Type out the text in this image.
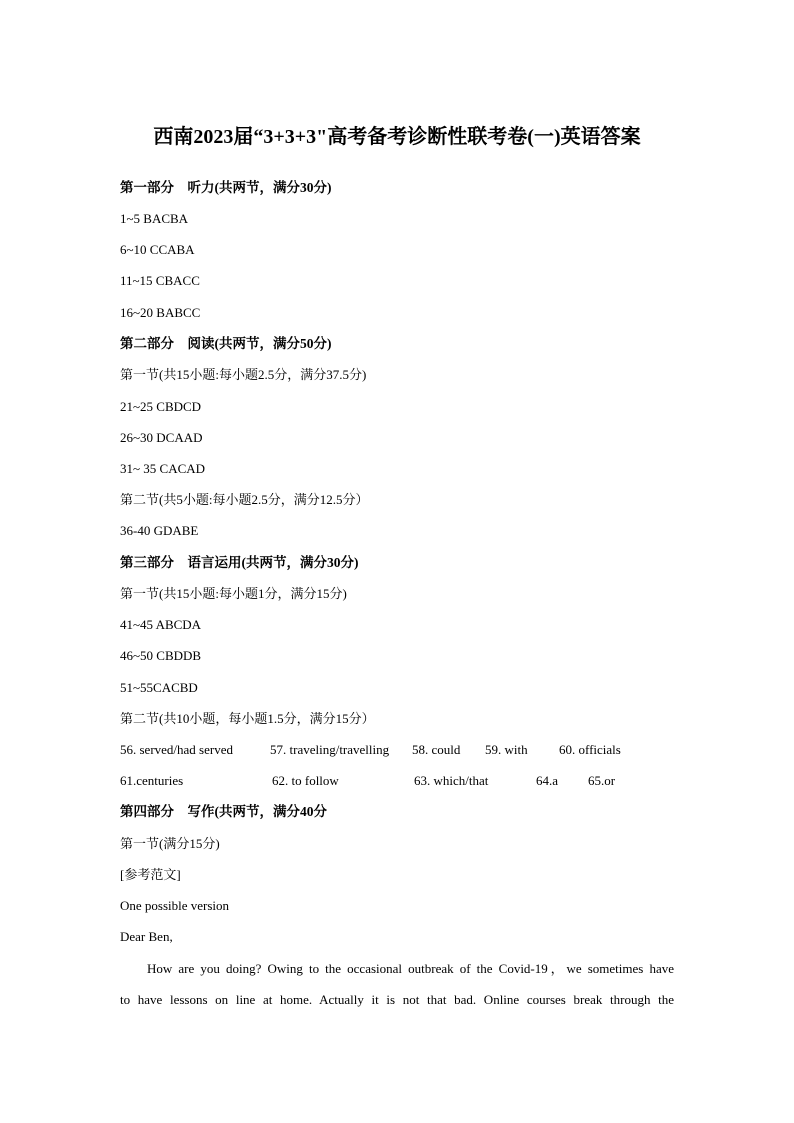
西南2023届“3+3+3"高考备考诊断性联考卷(一)英语答案
第一部分　听力(共两节，满分30分)
1~5 BACBA
6~10 CCABA
11~15 CBACC
16~20 BABCC
第二部分　阅读(共两节，满分50分)
第一节(共15小题:每小题2.5分，满分37.5分)
21~25 CBDCD
26~30 DCAAD
31~ 35 CACAD
第二节(共5小题:每小题2.5分，满分12.5分）
36-40 GDABE
第三部分　语言运用(共两节，满分30分)
第一节(共15小题:每小题1分，满分15分)
41~45 ABCDA
46~50 CBDDB
51~55CACBD
第二节(共10小题，每小题1.5分，满分15分）
56. served/had served	57. traveling/travelling 58. could 59. with 60. officials
61.centuries	62. to follow	63. which/that	64.a 65.or
第四部分　写作(共两节，满分40分
第一节(满分15分)
[参考范文]
One possible version
Dear Ben,
How are you doing? Owing to the occasional outbreak of the Covid-19，we sometimes have
to have lessons on line at home. Actually it is not that bad. Online courses break through the
